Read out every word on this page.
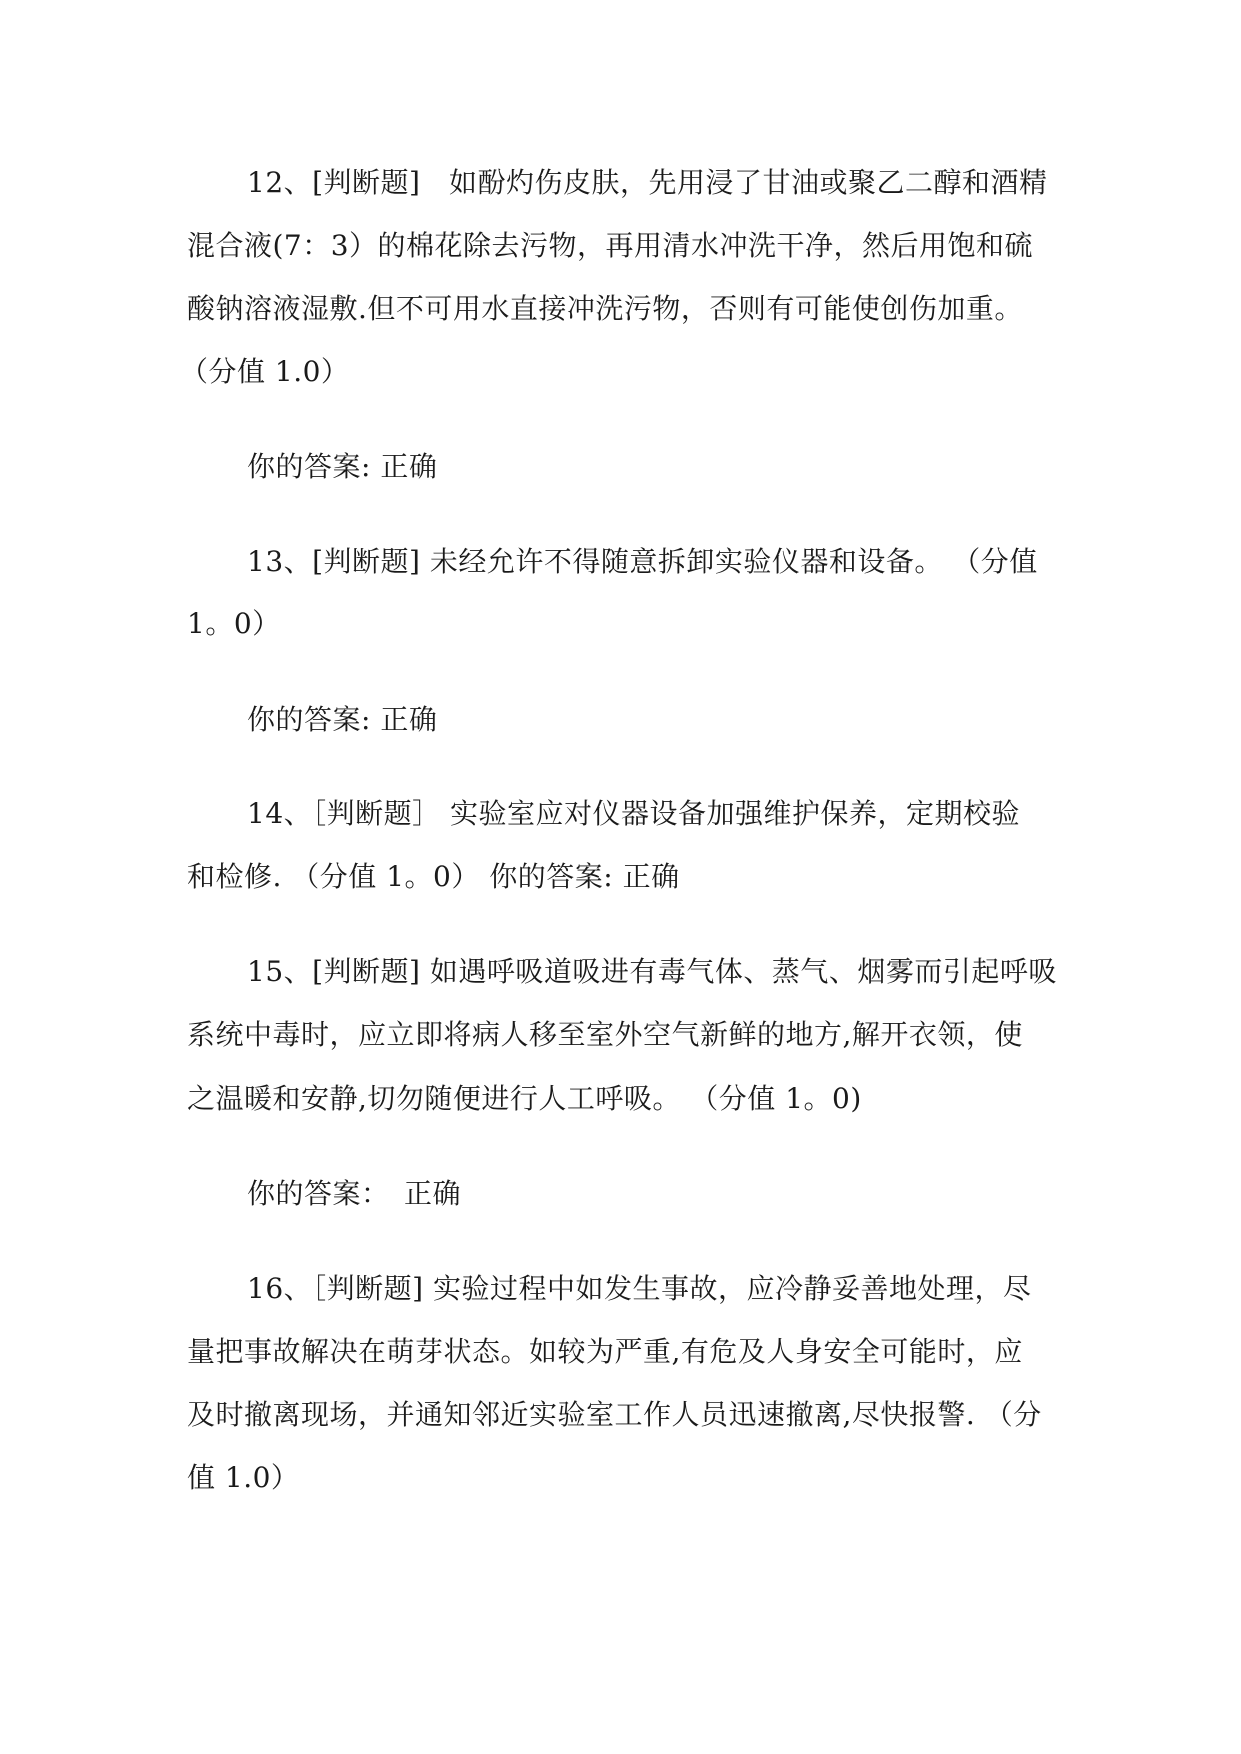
12、[判断题]　如酚灼伤皮肤，先用浸了甘油或聚乙二醇和酒精
混合液(7：3）的棉花除去污物，再用清水冲洗干净，然后用饱和硫
酸钠溶液湿敷.但不可用水直接冲洗污物，否则有可能使创伤加重。
（分值 1.0）
你的答案: 正确
13、[判断题] 未经允许不得随意拆卸实验仪器和设备。 （分值
1。0）
你的答案: 正确
14、［判断题］ 实验室应对仪器设备加强维护保养，定期校验
和检修. （分值 1。0） 你的答案: 正确
15、[判断题] 如遇呼吸道吸进有毒气体、蒸气、烟雾而引起呼吸
系统中毒时，应立即将病人移至室外空气新鲜的地方,解开衣领，使
之温暖和安静,切勿随便进行人工呼吸。 （分值 1。0)
你的答案：　正确
16、［判断题] 实验过程中如发生事故，应冷静妥善地处理，尽
量把事故解决在萌芽状态。如较为严重,有危及人身安全可能时，应
及时撤离现场，并通知邻近实验室工作人员迅速撤离,尽快报警. （分
值 1.0）
